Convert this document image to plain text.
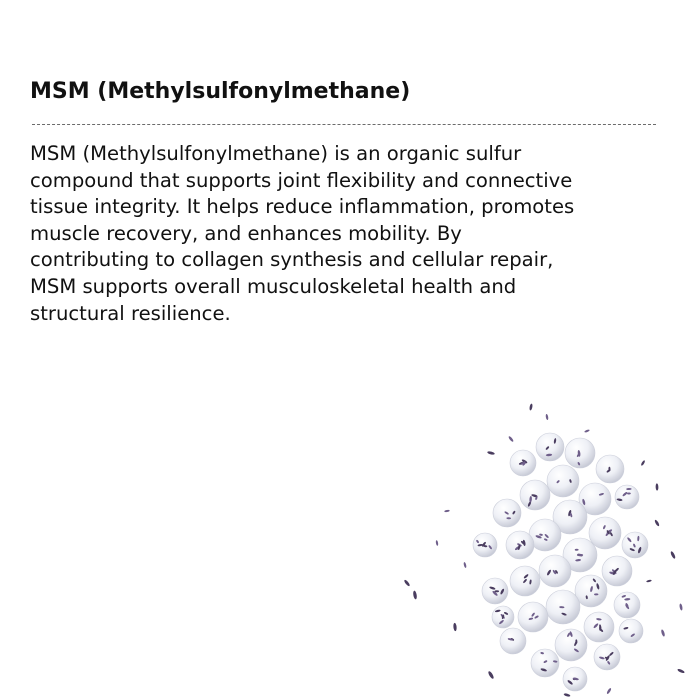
MSM (Methylsulfonylmethane)

MSM (Methylsulfonylmethane) is an organic sulfur
compound that supports joint flexibility and connective
tissue integrity. It helps reduce inflammation, promotes
muscle recovery, and enhances mobility. By
contributing to collagen synthesis and cellular repair,
MSM supports overall musculoskeletal health and
structural resilience.
